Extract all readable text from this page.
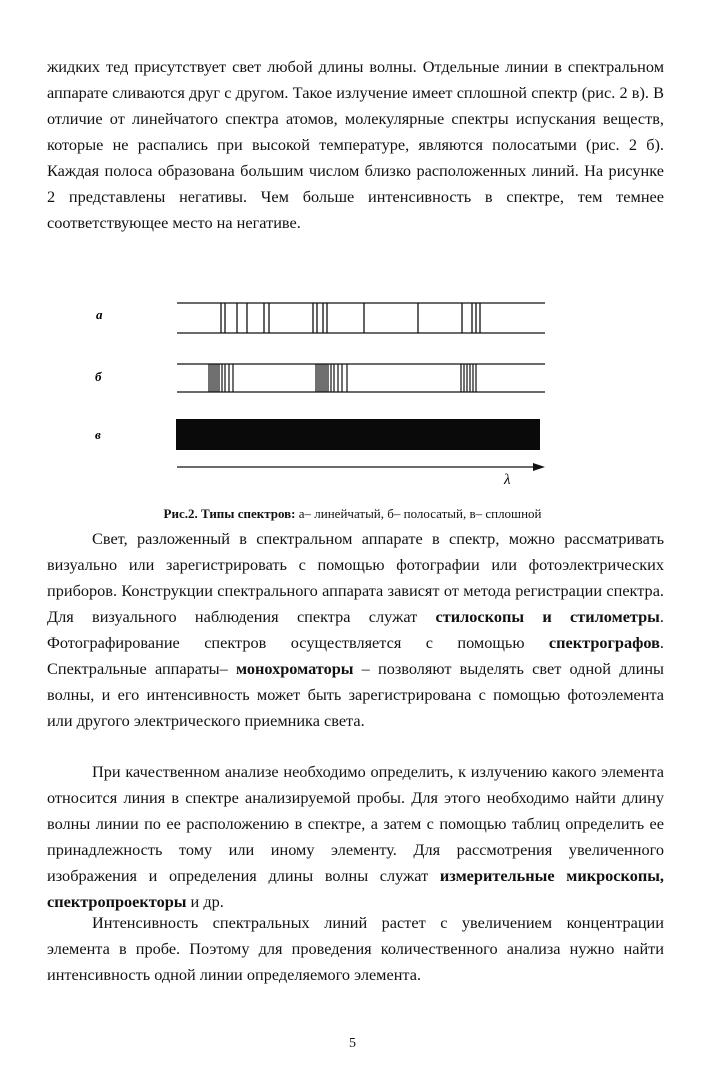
жидких тед присутствует свет любой длины волны. Отдельные линии в спектральном аппарате сливаются друг с другом. Такое излучение имеет сплошной спектр (рис. 2 в). В отличие от линейчатого спектра атомов, молекулярные спектры испускания веществ, которые не распались при высокой температуре, являются полосатыми (рис. 2 б). Каждая полоса образована большим числом близко расположенных линий. На рисунке 2 представлены негативы. Чем больше интенсивность в спектре, тем темнее соответствующее место на негативе.

а
б
в
λ
Рис.2. Типы спектров: а– линейчатый, б– полосатый, в– сплошной

Свет, разложенный в спектральном аппарате в спектр, можно рассматривать визуально или зарегистрировать с помощью фотографии или фотоэлектрических приборов. Конструкции спектрального аппарата зависят от метода регистрации спектра. Для визуального наблюдения спектра служат стилоскопы и стилометры. Фотографирование спектров осуществляется с помощью спектрографов. Спектральные аппараты– монохроматоры – позволяют выделять свет одной длины волны, и его интенсивность может быть зарегистрирована с помощью фотоэлемента или другого электрического приемника света.

При качественном анализе необходимо определить, к излучению какого элемента относится линия в спектре анализируемой пробы. Для этого необходимо найти длину волны линии по ее расположению в спектре, а затем с помощью таблиц определить ее принадлежность тому или иному элементу. Для рассмотрения увеличенного изображения и определения длины волны служат измерительные микроскопы, спектропроекторы и др.

Интенсивность спектральных линий растет с увеличением концентрации элемента в пробе. Поэтому для проведения количественного анализа нужно найти интенсивность одной линии определяемого элемента.

5
